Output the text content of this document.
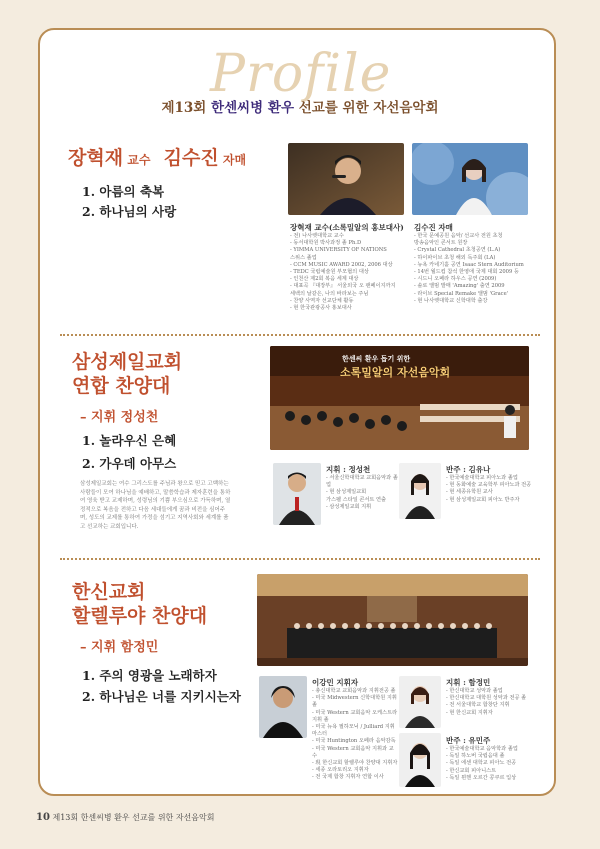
Profile
제13회 한센씨병 환우 선교를 위한 자선음악회
장혁재 교수 김수진 자매
1. 아름의 축복
2. 하나님의 사랑
장혁재 교수(소록밀알의 홍보대사)
- 전) 나사렛대학교 교수
- 동서대학원 박사과정 졸 Ph.D
- YIMMA UNIVERSITY OF NATIONS
스위스 졸업
- CCM MUSIC AWARD 2002, 2006 대상
- TEDC 국립예술원 부모협의 대상
- 인천산 제2회 복음 세계 대상
- 대표곡 『대장부』 서울외국 오 팬페이지까지
세백의 날같은, 나의 바라보는 주님
- 찬양 사역자 선교단체 활동
- 현 한국관광공사 홍보대사
김수진 자매
- 한국 문예공원 음악/ 선교사 전원 초청
방송음악인 콘서트 원장
- Crystal Cathedral 초청공연 (L.A)
- 하이파이브 초청 해외 독주회 (LA)
- 뉴욕 카네기홀 공연 Isaac Stern Auditorium
- 14번 월드컵 참석 한영애 국제 대회 2009 등
- 시드니 오페라 하우스 공연 (2009)
- 솔로 앨범 발매 'Amazing' 출연 2009
- 라이브 Special Remake 앨범 'Grace'
- 현 나사렛대학교 신학대학 출강
삼성제일교회
연합 찬양대
– 지휘 정성천
1. 놀라우신 은혜
2. 가우데 아무스
삼성제일교회는 여수 그리스도를 주님과 왕으로 믿고 고백하는
사람들이 모여 하나님을 예배하고, 말씀학습과 제자훈련을 통하
여 영육 받고 교제하며, 성령님의 기쁨 부으심으로 가득하며, 열
정적으로 복음을 전하고 다음 세대들에게 꿈과 비전을 심어주
며, 성도의 교제를 통하여 가정을 섬기고 지역사회와 세계를 품
고 선교하는 교회입니다.
한센씨 환우 돕기 위한
소록밀알의 자선음악회
지휘 : 정성천
- 서울신학대학교 교회음악과 졸업
- 현 삼성제일교회
가스펠 스타일 콘서트 연출
- 삼성제일교회 지휘
반주 : 김유나
- 한국예술대학교 피아노과 졸업
- 현 동화예술 교육학부 피아노과 전공
- 현 세종유학원 교사
- 현 삼성제일교회 피아노 반주자
한신교회
할렐루야 찬양대
– 지휘 함정민
1. 주의 영광을 노래하자
2. 하나님은 너를 지키시는자
이강민 지휘자
- 총신대학교 교회음악과 지휘전공 졸
- 미국 Midwestern 신학대학원 지휘 졸
- 미국 Western 교회음악 오케스트라 지휘 졸
- 미국 뉴욕 필하모닉 / Julliard 지휘 마스터
- 미국 Huntington 오페라 음악감독
- 미국 Western 교회음악 지휘과 교수
- 現 한신교회 할렐루야 찬양대 지휘자
- 세종 오라토리오 지휘자
- 전 국제 합창 지휘자 연합 이사
지휘 : 함정민
- 한신대학교 성악과 졸업
- 한신대학교 대학원 성악과 전공 졸
- 전 서울대학교 합창단 지휘
- 현 한신교회 지휘자
반주 : 유민주
- 한국예술대학교 음악학과 졸업
- 독일 하노버 국립음대 졸
- 독일 에센 대학교 피아노 전공
- 한신교회 피아니스트
- 독일 뮌헨 오르간 콩쿠르 입상
10 제13회 한센씨병 환우 선교를 위한 자선음악회
